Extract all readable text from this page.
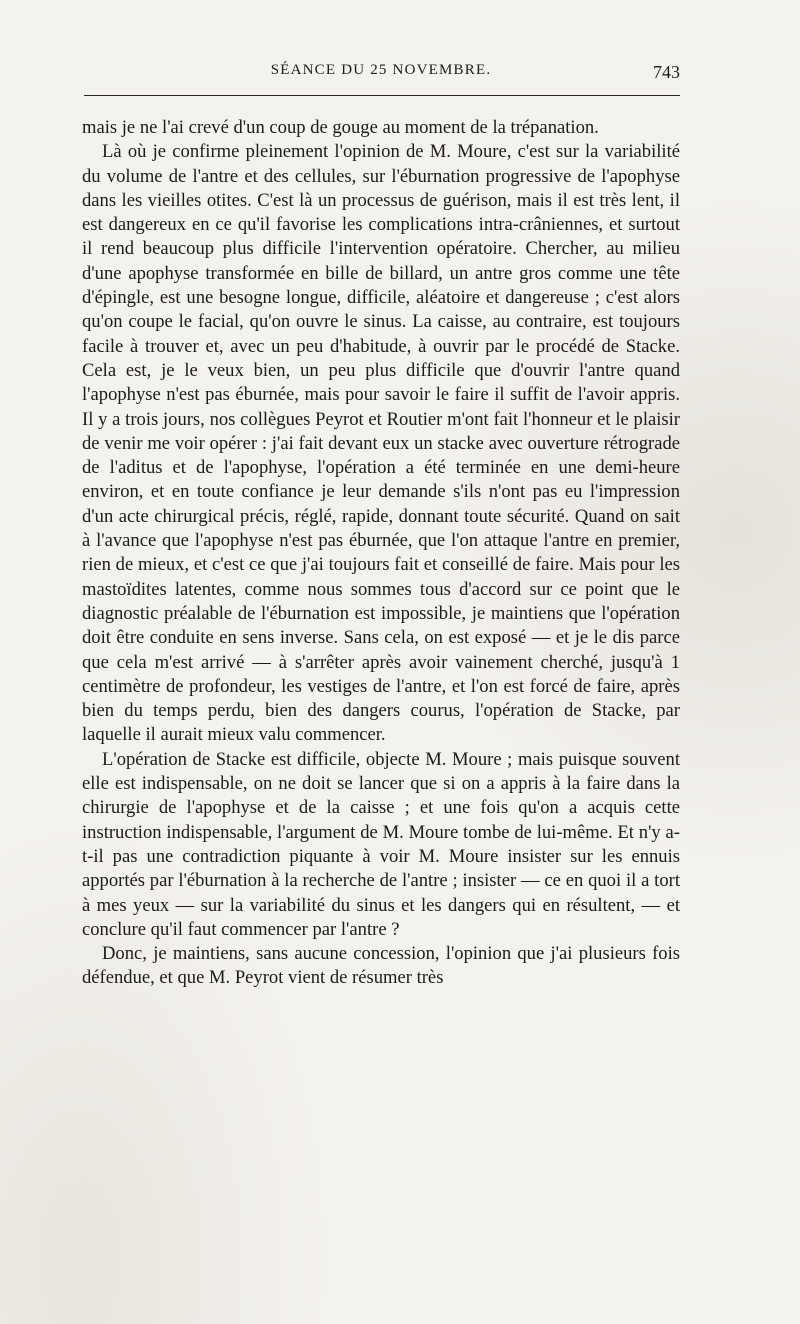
SÉANCE DU 25 NOVEMBRE.	743

mais je ne l'ai crevé d'un coup de gouge au moment de la trépanation.

Là où je confirme pleinement l'opinion de M. Moure, c'est sur la variabilité du volume de l'antre et des cellules, sur l'éburnation progressive de l'apophyse dans les vieilles otites. C'est là un processus de guérison, mais il est très lent, il est dangereux en ce qu'il favorise les complications intra-crâniennes, et surtout il rend beaucoup plus difficile l'intervention opératoire. Chercher, au milieu d'une apophyse transformée en bille de billard, un antre gros comme une tête d'épingle, est une besogne longue, difficile, aléatoire et dangereuse ; c'est alors qu'on coupe le facial, qu'on ouvre le sinus. La caisse, au contraire, est toujours facile à trouver et, avec un peu d'habitude, à ouvrir par le procédé de Stacke. Cela est, je le veux bien, un peu plus difficile que d'ouvrir l'antre quand l'apophyse n'est pas éburnée, mais pour savoir le faire il suffit de l'avoir appris. Il y a trois jours, nos collègues Peyrot et Routier m'ont fait l'honneur et le plaisir de venir me voir opérer : j'ai fait devant eux un stacke avec ouverture rétrograde de l'aditus et de l'apophyse, l'opération a été terminée en une demi-heure environ, et en toute confiance je leur demande s'ils n'ont pas eu l'impression d'un acte chirurgical précis, réglé, rapide, donnant toute sécurité. Quand on sait à l'avance que l'apophyse n'est pas éburnée, que l'on attaque l'antre en premier, rien de mieux, et c'est ce que j'ai toujours fait et conseillé de faire. Mais pour les mastoïdites latentes, comme nous sommes tous d'accord sur ce point que le diagnostic préalable de l'éburnation est impossible, je maintiens que l'opération doit être conduite en sens inverse. Sans cela, on est exposé — et je le dis parce que cela m'est arrivé — à s'arrêter après avoir vainement cherché, jusqu'à 1 centimètre de profondeur, les vestiges de l'antre, et l'on est forcé de faire, après bien du temps perdu, bien des dangers courus, l'opération de Stacke, par laquelle il aurait mieux valu commencer.

L'opération de Stacke est difficile, objecte M. Moure ; mais puisque souvent elle est indispensable, on ne doit se lancer que si on a appris à la faire dans la chirurgie de l'apophyse et de la caisse ; et une fois qu'on a acquis cette instruction indispensable, l'argument de M. Moure tombe de lui-même. Et n'y a-t-il pas une contradiction piquante à voir M. Moure insister sur les ennuis apportés par l'éburnation à la recherche de l'antre ; insister — ce en quoi il a tort à mes yeux — sur la variabilité du sinus et les dangers qui en résultent, — et conclure qu'il faut commencer par l'antre ?

Donc, je maintiens, sans aucune concession, l'opinion que j'ai plusieurs fois défendue, et que M. Peyrot vient de résumer très
